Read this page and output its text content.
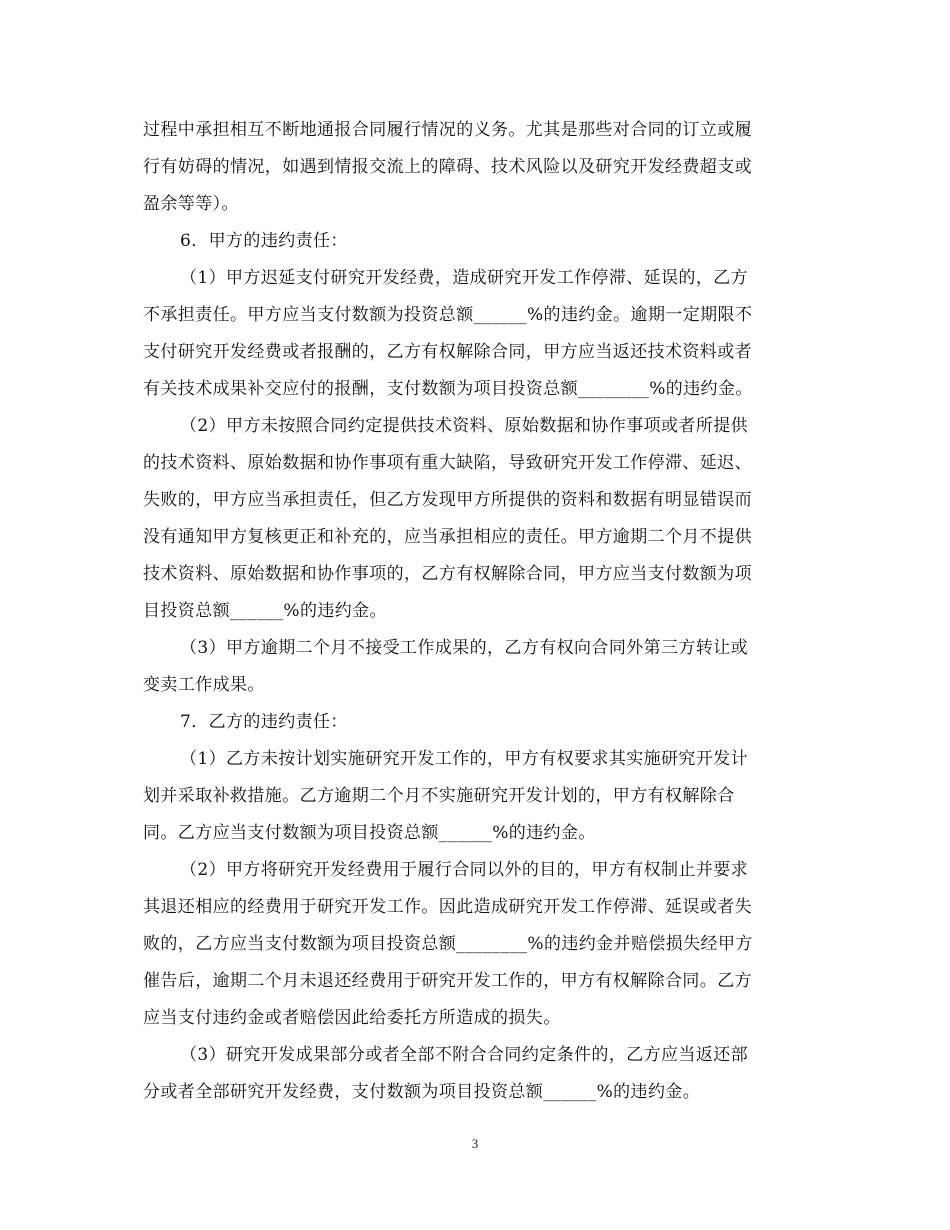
过程中承担相互不断地通报合同履行情况的义务。尤其是那些对合同的订立或履
行有妨碍的情况，如遇到情报交流上的障碍、技术风险以及研究开发经费超支或
盈余等等）。
6．甲方的违约责任：
（1）甲方迟延支付研究开发经费，造成研究开发工作停滞、延误的，乙方
不承担责任。甲方应当支付数额为投资总额______%的违约金。逾期一定期限不
支付研究开发经费或者报酬的，乙方有权解除合同，甲方应当返还技术资料或者
有关技术成果补交应付的报酬，支付数额为项目投资总额________%的违约金。
（2）甲方未按照合同约定提供技术资料、原始数据和协作事项或者所提供
的技术资料、原始数据和协作事项有重大缺陷，导致研究开发工作停滞、延迟、
失败的，甲方应当承担责任，但乙方发现甲方所提供的资料和数据有明显错误而
没有通知甲方复核更正和补充的，应当承担相应的责任。甲方逾期二个月不提供
技术资料、原始数据和协作事项的，乙方有权解除合同，甲方应当支付数额为项
目投资总额______%的违约金。
（3）甲方逾期二个月不接受工作成果的，乙方有权向合同外第三方转让或
变卖工作成果。
7．乙方的违约责任：
（1）乙方未按计划实施研究开发工作的，甲方有权要求其实施研究开发计
划并采取补救措施。乙方逾期二个月不实施研究开发计划的，甲方有权解除合
同。乙方应当支付数额为项目投资总额______%的违约金。
（2）甲方将研究开发经费用于履行合同以外的目的，甲方有权制止并要求
其退还相应的经费用于研究开发工作。因此造成研究开发工作停滞、延误或者失
败的，乙方应当支付数额为项目投资总额________%的违约金并赔偿损失经甲方
催告后，逾期二个月未退还经费用于研究开发工作的，甲方有权解除合同。乙方
应当支付违约金或者赔偿因此给委托方所造成的损失。
（3）研究开发成果部分或者全部不附合合同约定条件的，乙方应当返还部
分或者全部研究开发经费，支付数额为项目投资总额______%的违约金。
3
